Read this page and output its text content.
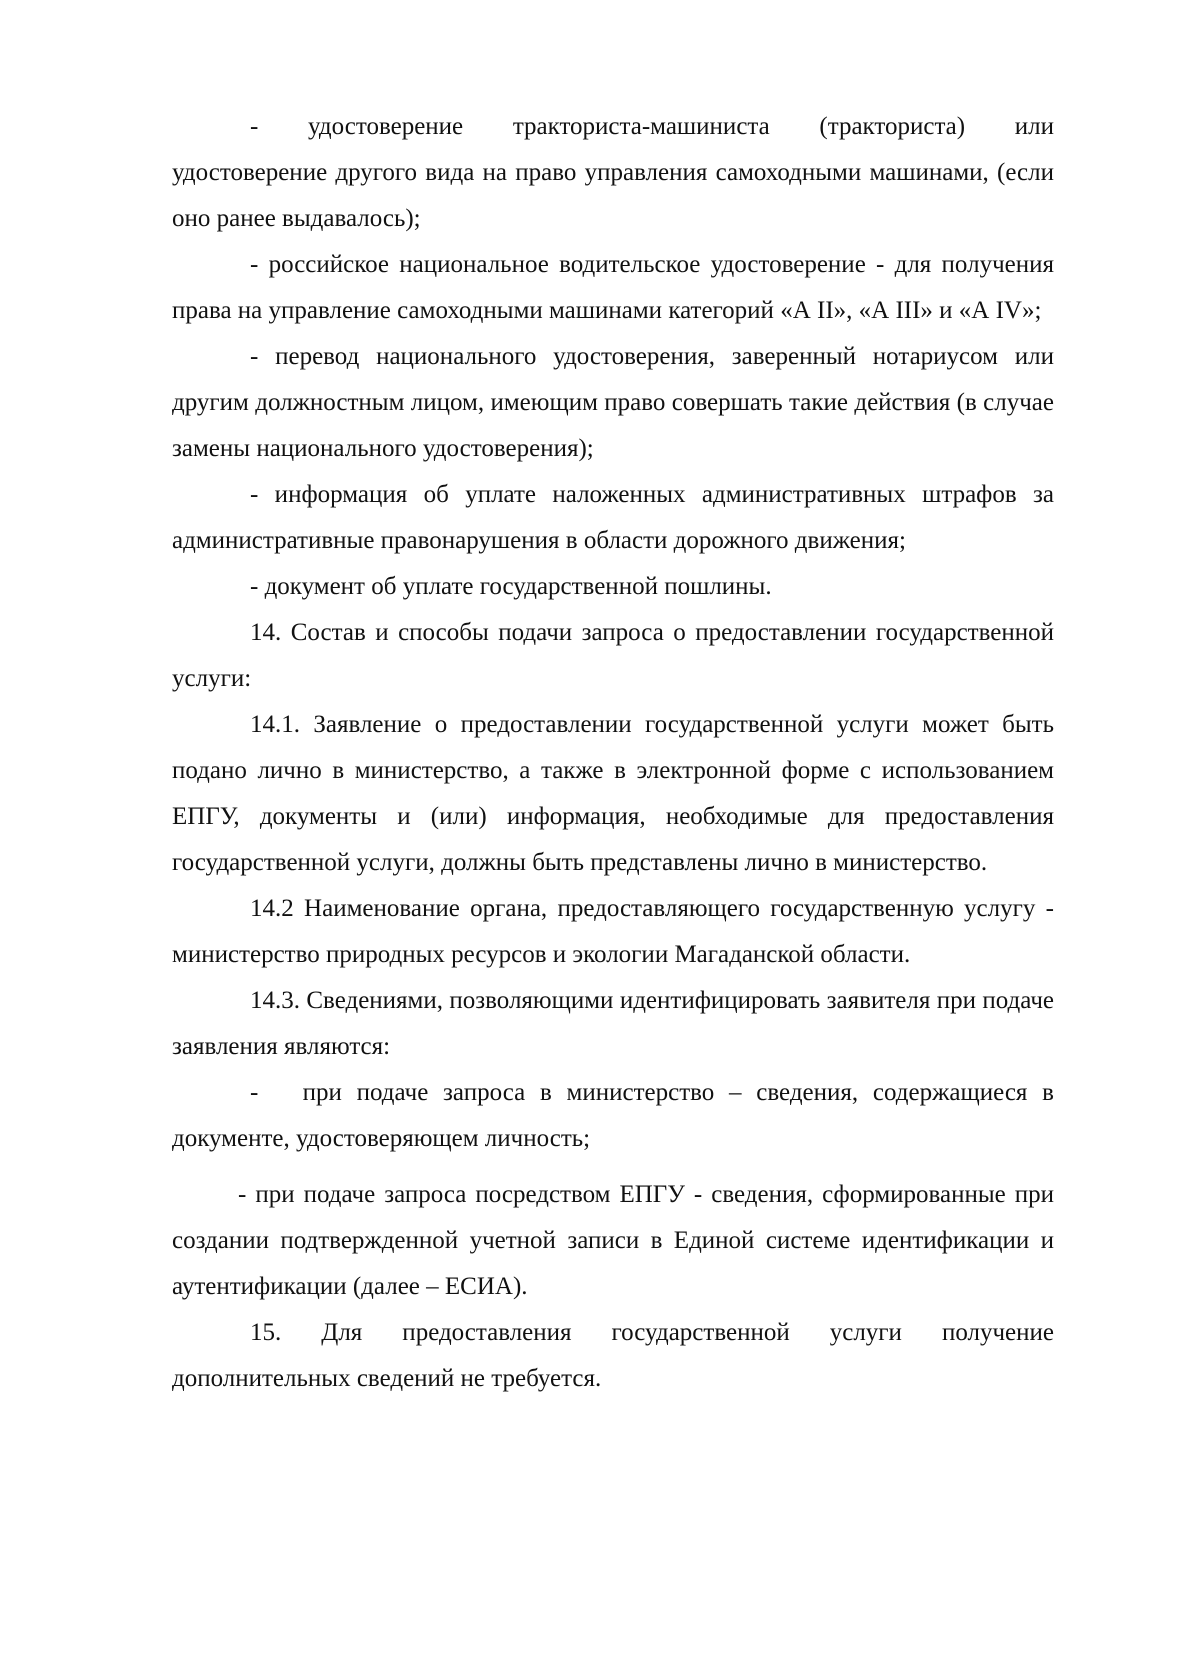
-      удостоверение      тракториста-машиниста      (тракториста)      или удостоверение другого вида на право управления самоходными машинами, (если оно ранее выдавалось);

- российское национальное водительское удостоверение - для получения права на управление самоходными машинами категорий «А II», «А III» и «А IV»;

- перевод национального удостоверения, заверенный нотариусом или другим должностным лицом, имеющим право совершать такие действия (в случае замены национального удостоверения);

- информация об уплате наложенных административных штрафов за административные правонарушения в области дорожного движения;

- документ об уплате государственной пошлины.

14. Состав и способы подачи запроса о предоставлении государственной услуги:

14.1. Заявление о предоставлении государственной услуги может быть подано лично в министерство, а также в электронной форме с использованием ЕПГУ, документы и (или) информация, необходимые для предоставления государственной услуги, должны быть представлены лично в министерство.

14.2 Наименование органа, предоставляющего государственную услугу - министерство природных ресурсов и экологии Магаданской области.

14.3. Сведениями, позволяющими идентифицировать заявителя при подаче заявления являются:

-   при подаче запроса в министерство – сведения, содержащиеся в документе, удостоверяющем личность;

- при подаче запроса посредством ЕПГУ - сведения, сформированные при создании подтвержденной учетной записи в Единой системе идентификации и аутентификации (далее – ЕСИА).

15. Для предоставления государственной услуги получение дополнительных сведений не требуется.
